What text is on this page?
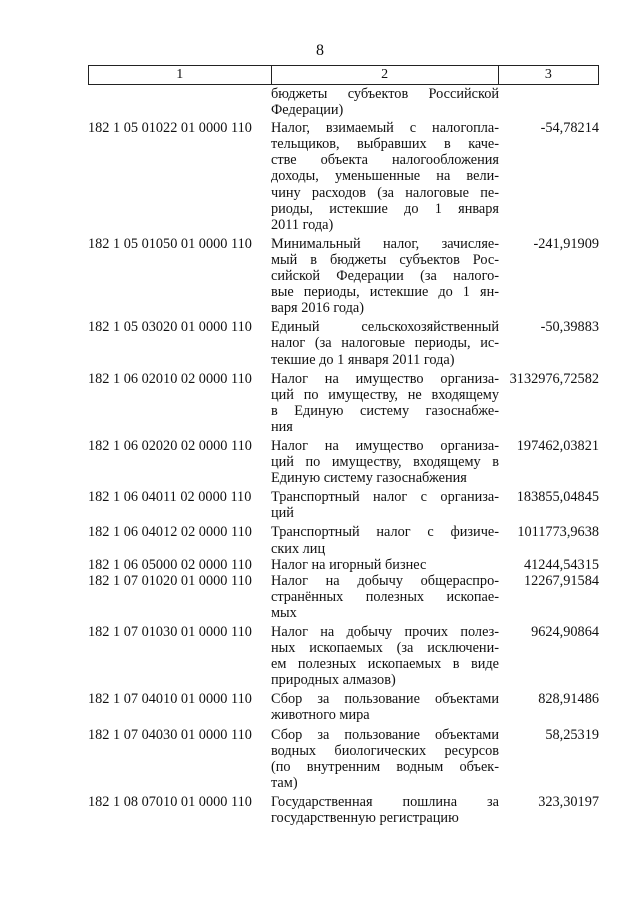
8
1	2	3
бюджеты субъектов Российской
Федерации)
182 1 05 01022 01 0000 110	Налог, взимаемый с налогопла-
тельщиков, выбравших в каче-
стве объекта налогообложения
доходы, уменьшенные на вели-
чину расходов (за налоговые пе-
риоды, истекшие до 1 января
2011 года)
-54,78214
182 1 05 01050 01 0000 110	Минимальный налог, зачисляе-
мый в бюджеты субъектов Рос-
сийской Федерации (за налого-
вые периоды, истекшие до 1 ян-
варя 2016 года)
-241,91909
182 1 05 03020 01 0000 110	Единый сельскохозяйственный
налог (за налоговые периоды, ис-
текшие до 1 января 2011 года)
-50,39883
182 1 06 02010 02 0000 110	Налог на имущество организа-
ций по имуществу, не входящему
в Единую систему газоснабже-
ния
3132976,72582
182 1 06 02020 02 0000 110	Налог на имущество организа-
ций по имуществу, входящему в
Единую систему газоснабжения
197462,03821
182 1 06 04011 02 0000 110	Транспортный налог с организа-
ций
183855,04845
182 1 06 04012 02 0000 110	Транспортный налог с физиче-
ских лиц
1011773,9638
182 1 06 05000 02 0000 110	Налог на игорный бизнес	41244,54315
182 1 07 01020 01 0000 110	Налог на добычу общераспро-
странённых полезных ископае-
мых
12267,91584
182 1 07 01030 01 0000 110	Налог на добычу прочих полез-
ных ископаемых (за исключени-
ем полезных ископаемых в виде
природных алмазов)
9624,90864
182 1 07 04010 01 0000 110	Сбор за пользование объектами
животного мира
828,91486
182 1 07 04030 01 0000 110	Сбор за пользование объектами
водных биологических ресурсов
(по внутренним водным объек-
там)
58,25319
182 1 08 07010 01 0000 110	Государственная пошлина за
государственную регистрацию
323,30197
